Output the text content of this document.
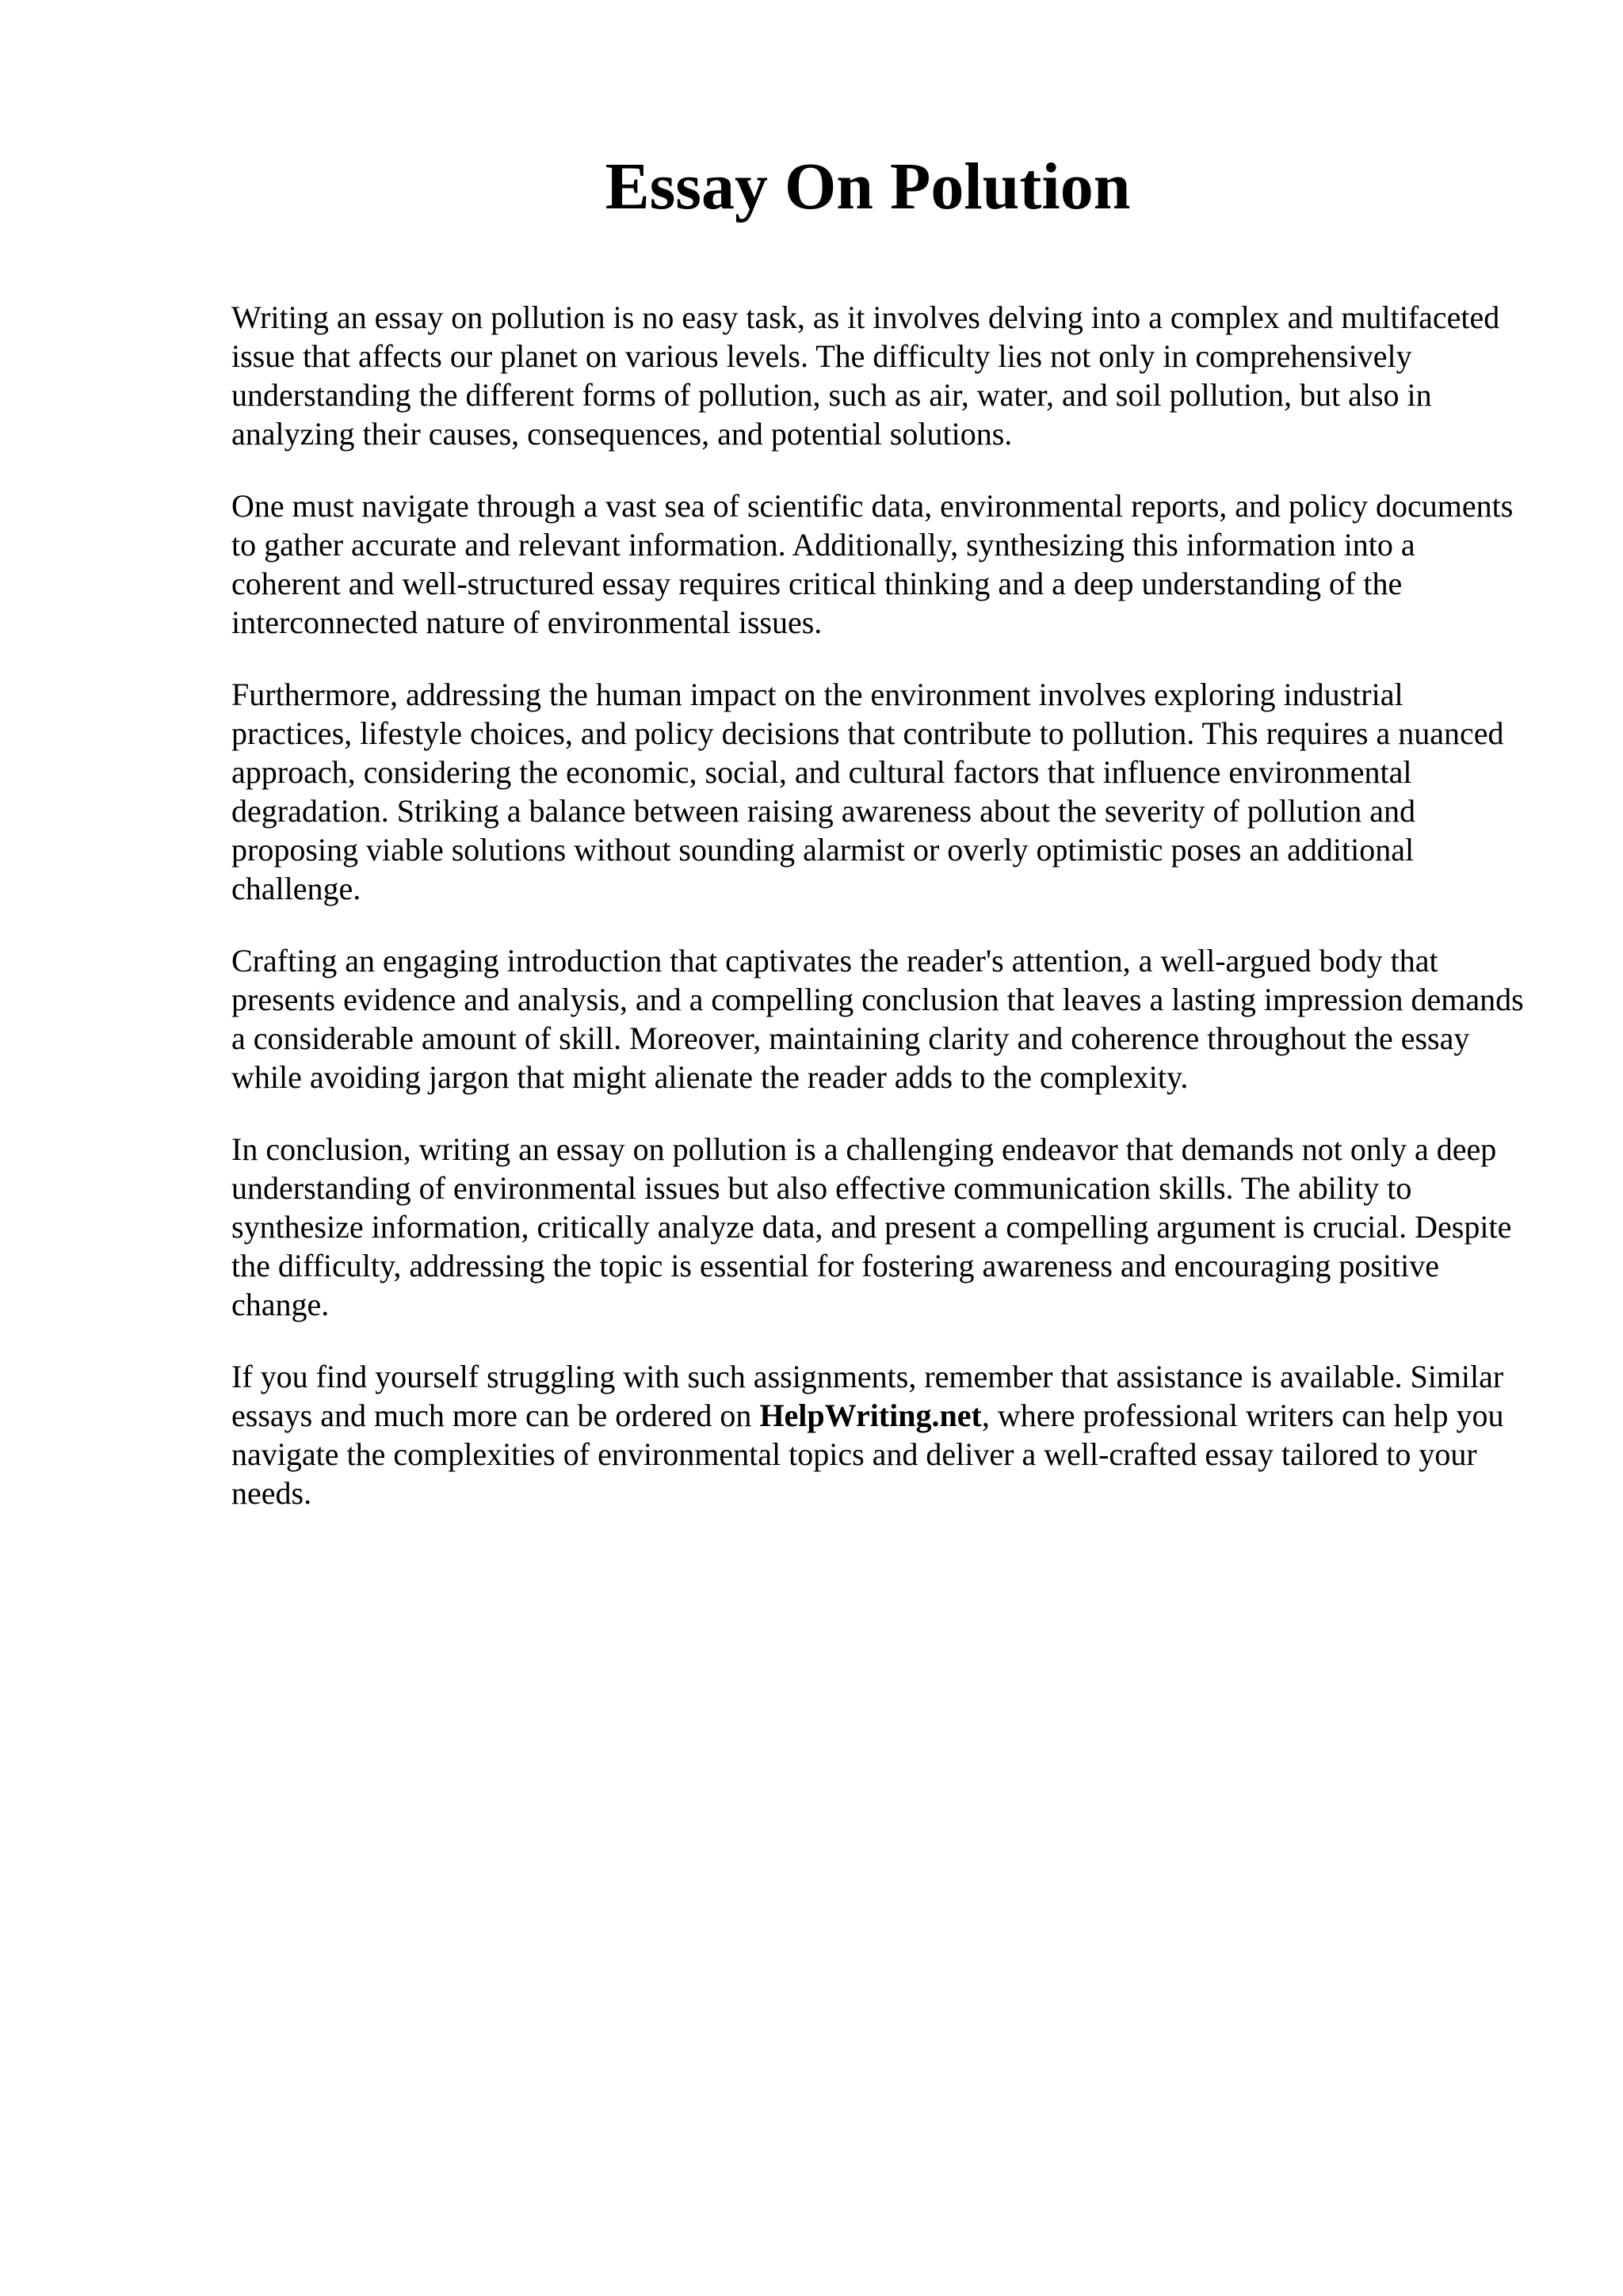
Essay On Polution

Writing an essay on pollution is no easy task, as it involves delving into a complex and multifaceted issue that affects our planet on various levels. The difficulty lies not only in comprehensively understanding the different forms of pollution, such as air, water, and soil pollution, but also in analyzing their causes, consequences, and potential solutions.

One must navigate through a vast sea of scientific data, environmental reports, and policy documents to gather accurate and relevant information. Additionally, synthesizing this information into a coherent and well-structured essay requires critical thinking and a deep understanding of the interconnected nature of environmental issues.

Furthermore, addressing the human impact on the environment involves exploring industrial practices, lifestyle choices, and policy decisions that contribute to pollution. This requires a nuanced approach, considering the economic, social, and cultural factors that influence environmental degradation. Striking a balance between raising awareness about the severity of pollution and proposing viable solutions without sounding alarmist or overly optimistic poses an additional challenge.

Crafting an engaging introduction that captivates the reader's attention, a well-argued body that presents evidence and analysis, and a compelling conclusion that leaves a lasting impression demands a considerable amount of skill. Moreover, maintaining clarity and coherence throughout the essay while avoiding jargon that might alienate the reader adds to the complexity.

In conclusion, writing an essay on pollution is a challenging endeavor that demands not only a deep understanding of environmental issues but also effective communication skills. The ability to synthesize information, critically analyze data, and present a compelling argument is crucial. Despite the difficulty, addressing the topic is essential for fostering awareness and encouraging positive change.

If you find yourself struggling with such assignments, remember that assistance is available. Similar essays and much more can be ordered on HelpWriting.net, where professional writers can help you navigate the complexities of environmental topics and deliver a well-crafted essay tailored to your needs.
